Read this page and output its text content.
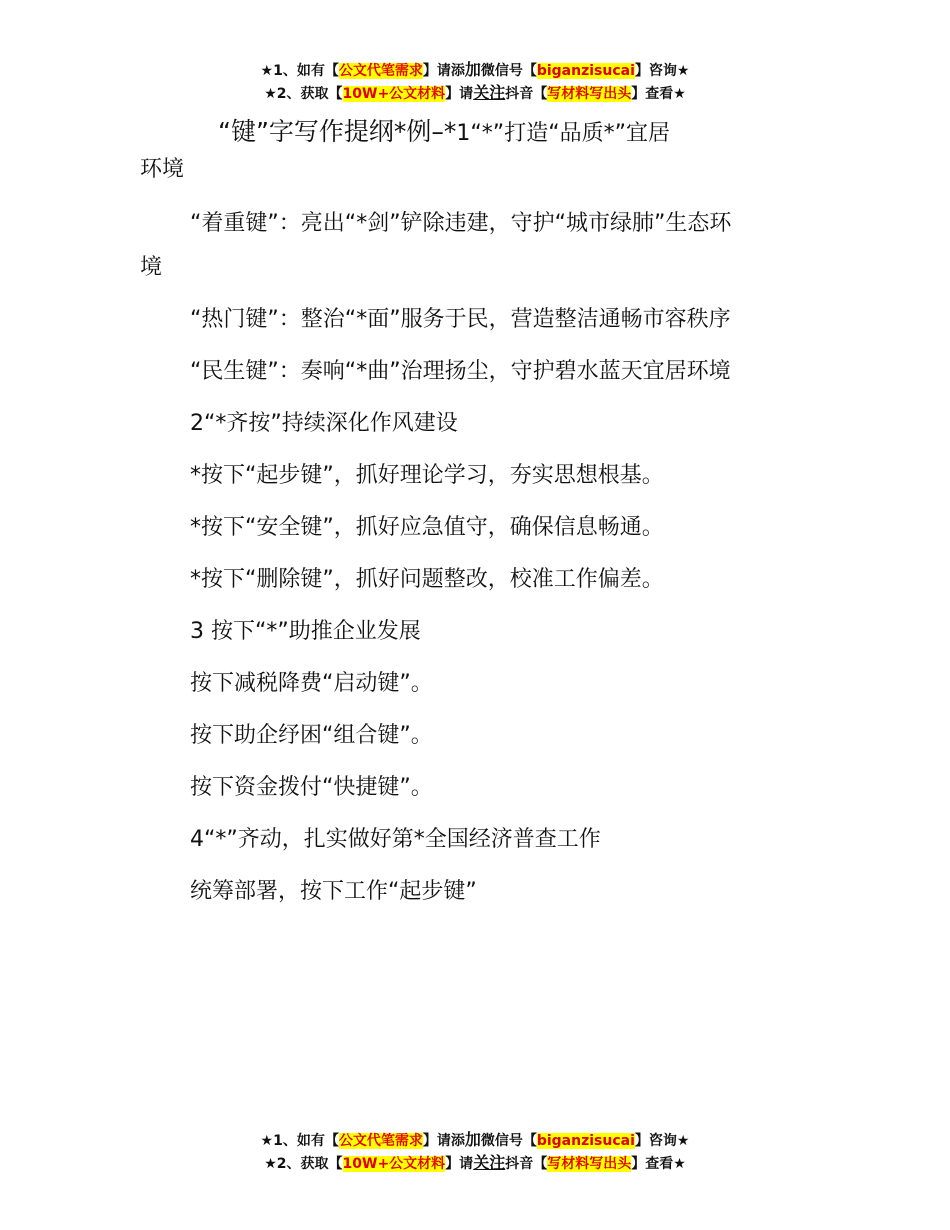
★1、如有【公文代笔需求】请添加微信号【biganzisucai】咨询★
★2、获取【10W+公文材料】请关注抖音【写材料写出头】查看★
“键”字写作提纲*例–*1“*”打造“品质*”宜居
环境
“着重键”：亮出“*剑”铲除违建，守护“城市绿肺”生态环
境
“热门键”：整治“*面”服务于民，营造整洁通畅市容秩序
“民生键”：奏响“*曲”治理扬尘，守护碧水蓝天宜居环境
2“*齐按”持续深化作风建设
*按下“起步键”，抓好理论学习，夯实思想根基。
*按下“安全键”，抓好应急值守，确保信息畅通。
*按下“删除键”，抓好问题整改，校准工作偏差。
3 按下“*”助推企业发展
按下减税降费“启动键”。
按下助企纾困“组合键”。
按下资金拨付“快捷键”。
4“*”齐动，扎实做好第*全国经济普查工作
统筹部署，按下工作“起步键”
★1、如有【公文代笔需求】请添加微信号【biganzisucai】咨询★
★2、获取【10W+公文材料】请关注抖音【写材料写出头】查看★
